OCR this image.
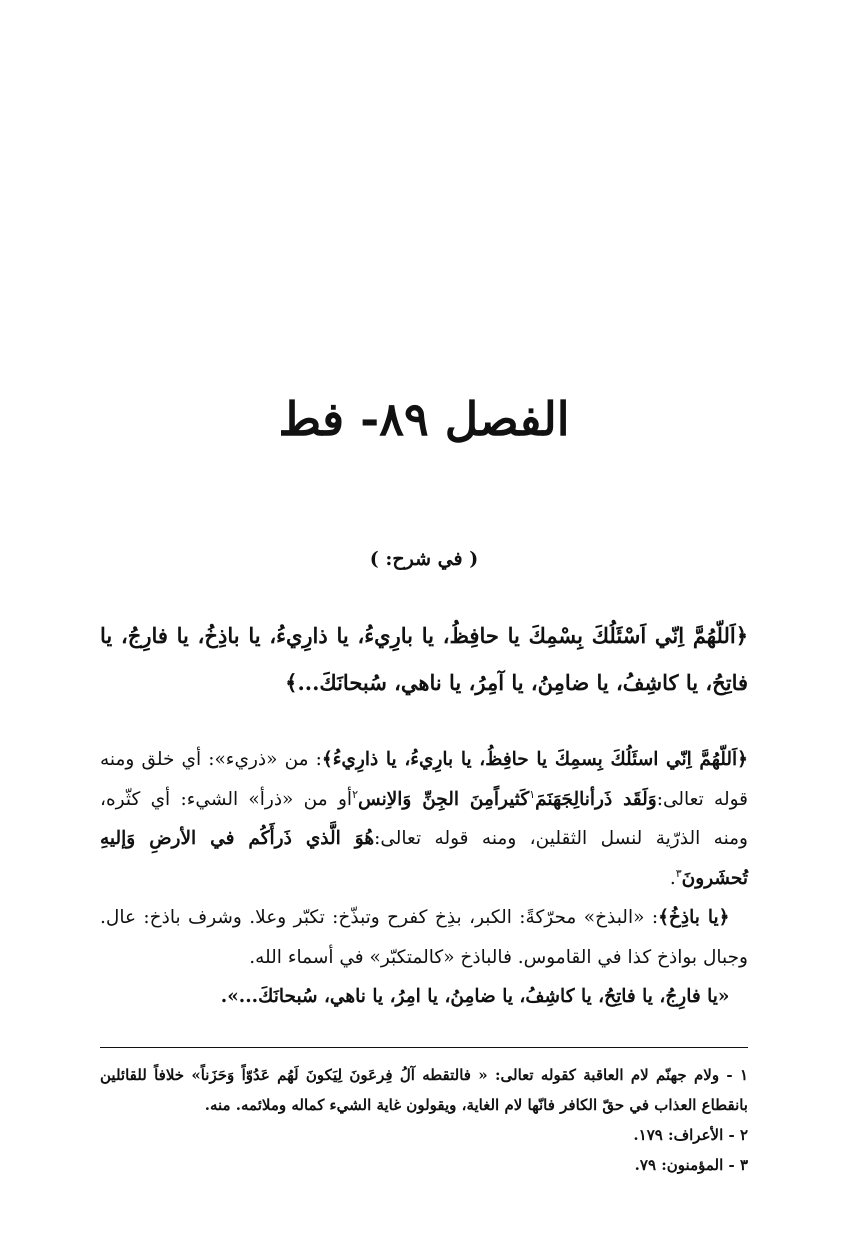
الفصل ٨٩- فط
( في شرح: )
﴿اَللّهُمَّ اِنّي اَسْئَلُكَ بِسْمِكَ يا حافِظُ، يا بارِيءُ، يا ذارِيءُ، يا باذِخُ، يا فارِجُ، يا فاتِحُ، يا كاشِفُ، يا ضامِنُ، يا آمِرُ، يا ناهي، سُبحانَكَ...﴾

﴿اَللّهُمَّ اِنّي اسئَلُكَ بِسمِكَ يا حافِظُ، يا بارِيءُ، يا ذارِيءُ﴾: من «ذريء»: أي خلق ومنه قوله تعالى:وَلَقَد ذَرأنالِجَهَنَمَ$^١$كَثيراًمِنَ الجِنِّ وَالاِنس$^٢$أو من «ذرأ» الشيء: أي كثّره، ومنه الذرّية لنسل الثقلين، ومنه قوله تعالى:هُوَ الَّذي ذَرأَكُم في الأرضِ وَإليهِ تُحشَرونَ$^٣$.

 ﴿يا باذِخُ﴾: «البذخ» محرّكةً: الكبر، بذِخ كفرح وتبذّخ: تكبّر وعلا. وشرف باذخ: عال. وجبال بواذخ كذا في القاموس. فالباذخ «كالمتكبّر» في أسماء الله.

 «يا فارِجُ، يا فاتِحُ، يا كاشِفُ، يا ضامِنُ، يا امِرُ، يا ناهي، سُبحانَكَ...».

١ - ولام جهنّم لام العاقبة كقوله تعالى: « فالتقطه آلُ فِرعَونَ لِيَكونَ لَهُم عَدُوّاً وَحَزَناً» خلافاً للقائلين بانقطاع العذاب في حقّ الكافر فانّها لام الغاية، ويقولون غاية الشيء كماله وملائمه. منه.
٢ - الأعراف: ١٧٩.
٣ - المؤمنون: ٧٩.
